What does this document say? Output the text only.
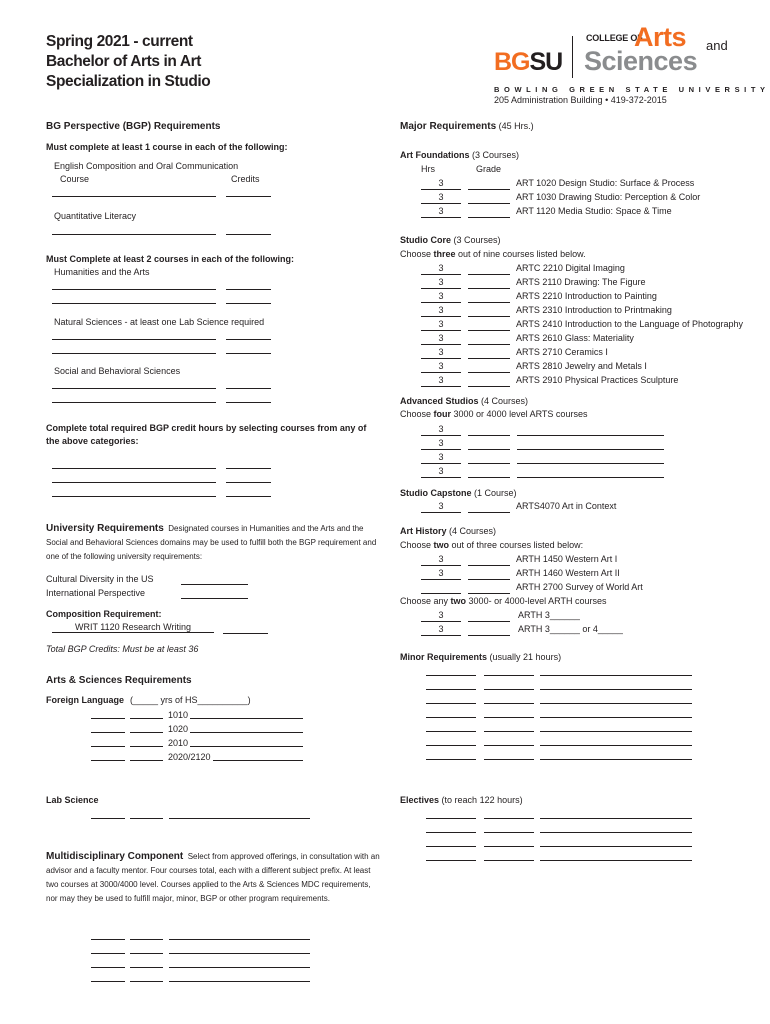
Spring 2021 - current
Bachelor of Arts in Art
Specialization in Studio
BGSU
COLLEGE OF
Arts and
Sciences
BOWLING GREEN STATE UNIVERSITY
205 Administration Building • 419-372-2015
BG Perspective (BGP) Requirements
Must complete at least 1 course in each of the following:
English Composition and Oral Communication
Course	Credits
Quantitative Literacy
Must Complete at least 2 courses in each of the following:
Humanities and the Arts
Natural Sciences - at least one Lab Science required
Social and Behavioral Sciences
Complete total required BGP credit hours by selecting courses from any of the above categories:
University Requirements Designated courses in Humanities and the Arts and the Social and Behavioral Sciences domains may be used to fulfill both the BGP requirement and one of the following university requirements:
Cultural Diversity in the US
International Perspective
Composition Requirement:
WRIT 1120 Research Writing
Total BGP Credits: Must be at least 36
Arts & Sciences Requirements
Foreign Language (_____ yrs of HS__________)
1010
1020
2010
2020/2120
Lab Science
Multidisciplinary Component Select from approved offerings, in consultation with an advisor and a faculty mentor. Four courses total, each with a different subject prefix. At least two courses at 3000/4000 level. Courses applied to the Arts & Sciences MDC requirements, nor may they be used to fulfill major, minor, BGP or other program requirements.
Major Requirements (45 Hrs.)
Art Foundations (3 Courses)
Hrs	Grade
3	ART 1020 Design Studio: Surface & Process
3	ART 1030 Drawing Studio: Perception & Color
3	ART 1120 Media Studio: Space & Time
Studio Core (3 Courses)
Choose three out of nine courses listed below.
3	ARTC 2210 Digital Imaging
3	ARTS 2110 Drawing: The Figure
3	ARTS 2210 Introduction to Painting
3	ARTS 2310 Introduction to Printmaking
3	ARTS 2410 Introduction to the Language of Photography
3	ARTS 2610 Glass: Materiality
3	ARTS 2710 Ceramics I
3	ARTS 2810 Jewelry and Metals I
3	ARTS 2910 Physical Practices Sculpture
Advanced Studios (4 Courses)
Choose four 3000 or 4000 level ARTS courses
3
3
3
3
Studio Capstone (1 Course)
3	ARTS4070 Art in Context
Art History (4 Courses)
Choose two out of three courses listed below:
3	ARTH 1450 Western Art I
3	ARTH 1460 Western Art II
ARTH 2700 Survey of World Art
Choose any two 3000- or 4000-level ARTH courses
3	ARTH 3______
3	ARTH 3______ or 4_____
Minor Requirements (usually 21 hours)
Electives (to reach 122 hours)
